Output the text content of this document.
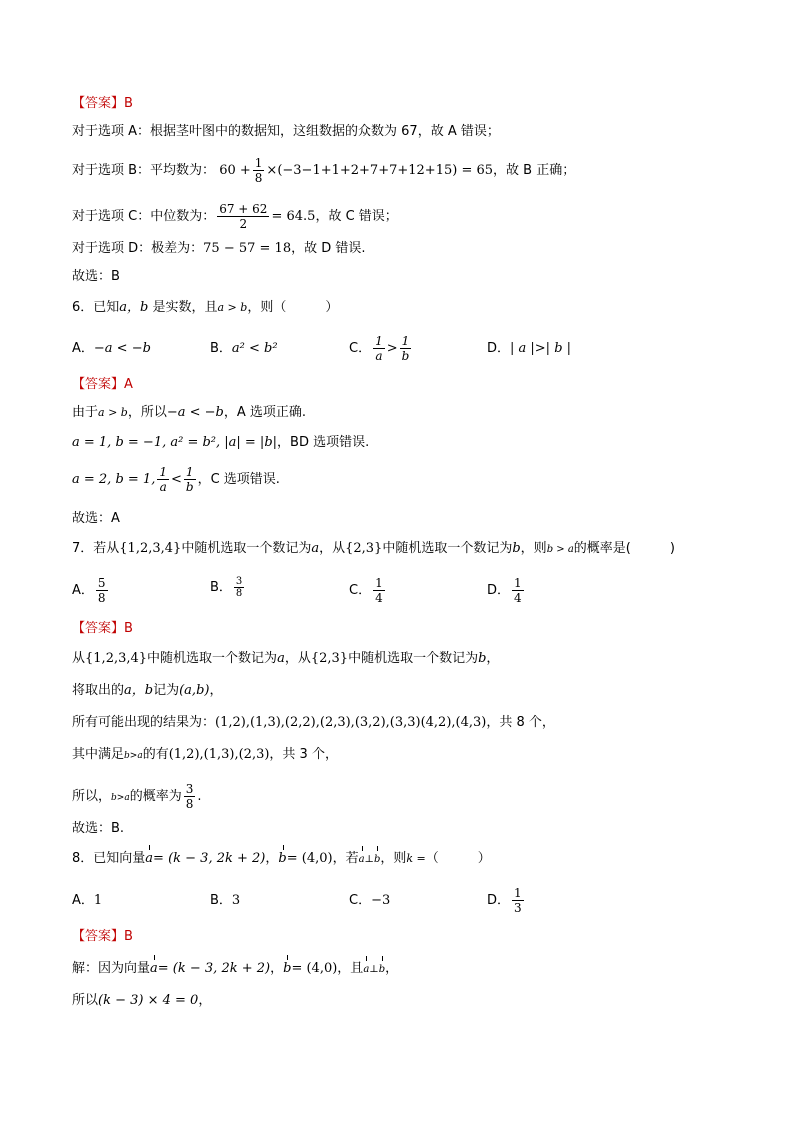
【答案】B
对于选项 A：根据茎叶图中的数据知，这组数据的众数为 67，故 A 错误；
对于选项 B：平均数为： $60 + \frac{1}{8} \times(-3-1+1+2+7+7+12+15) = 65$，故 B 正确；
对于选项 C：中位数为： $\frac{67 + 62}{2} = 64.5$，故 C 错误；
对于选项 D：极差为：75 − 57 = 18，故 D 错误.
故选：B
6．已知a，b 是实数，且a > b，则（　　　）
A．−a < −b	B．a² < b²	C． $\frac{1}{a} > \frac{1}{b}$	D．| a |>| b |
【答案】A
由于a > b，所以−a < −b，A 选项正确.
a = 1, b = −1, a² = b², |a| = |b|，BD 选项错误.
a = 2, b = 1, $\frac{1}{a} < \frac{1}{b}$ ，C 选项错误.
故选：A
7．若从{1,2,3,4}中随机选取一个数记为a，从{2,3}中随机选取一个数记为b，则b > a的概率是(　　　)
A． $\frac{5}{8}$	B． $\frac{3}{8}$	C． $\frac{1}{4}$	D． $\frac{1}{4}$
【答案】B
从{1,2,3,4}中随机选取一个数记为a，从{2,3}中随机选取一个数记为b，
将取出的a，b记为(a,b)，
所有可能出现的结果为：(1,2),(1,3),(2,2),(2,3),(3,2),(3,3)(4,2),(4,3)，共 8 个，
其中满足b>a的有(1,2),(1,3),(2,3)，共 3 个，
所以，b>a的概率为 $\frac{3}{8}$ .
故选：B.
8．已知向量a= (k − 3, 2k + 2)，b= (4,0)，若a⊥b，则k =（　　　）
A．1	B．3	C．−3	D． $\frac{1}{3}$
【答案】B
解：因为向量a= (k − 3, 2k + 2)，b= (4,0)，且a⊥b，
所以(k − 3) × 4 = 0，
